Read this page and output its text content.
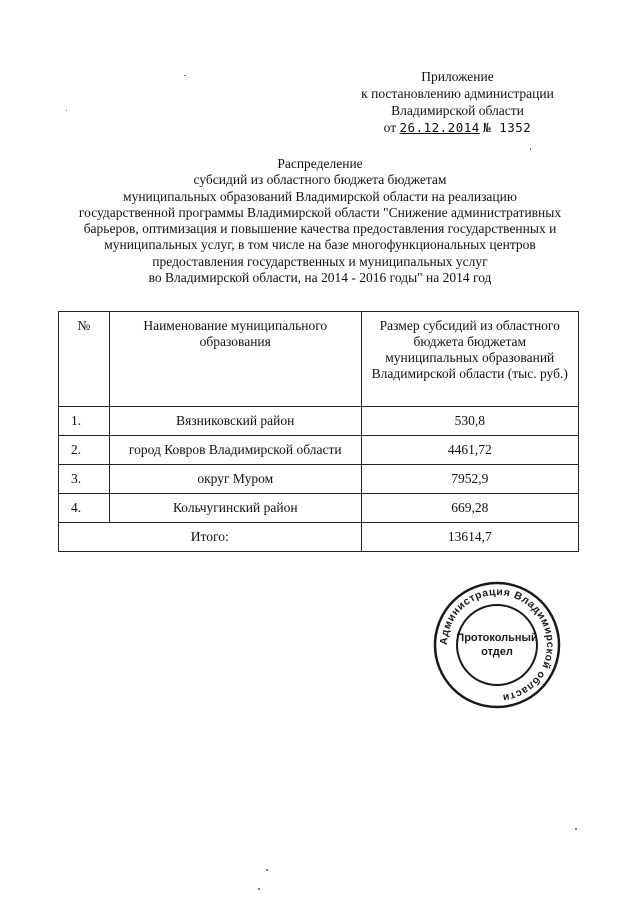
Приложение
к постановлению администрации
Владимирской области
от 26.12.2014 № 1352
Распределение
субсидий из областного бюджета бюджетам
муниципальных образований Владимирской области на реализацию
государственной программы Владимирской области "Снижение административных
барьеров, оптимизация и повышение качества предоставления государственных и
муниципальных услуг, в том числе на базе многофункциональных центров
предоставления государственных и муниципальных услуг
во Владимирской области, на 2014 - 2016 годы" на 2014 год
№	Наименование муниципального образования	Размер субсидий из областного бюджета бюджетам муниципальных образований Владимирской области (тыс. руб.)
1.	Вязниковский район	530,8
2.	город Ковров Владимирской области	4461,72
3.	округ Муром	7952,9
4.	Кольчугинский район	669,28
Итого:		13614,7
Администрация Владимирской области
Протокольный
отдел
